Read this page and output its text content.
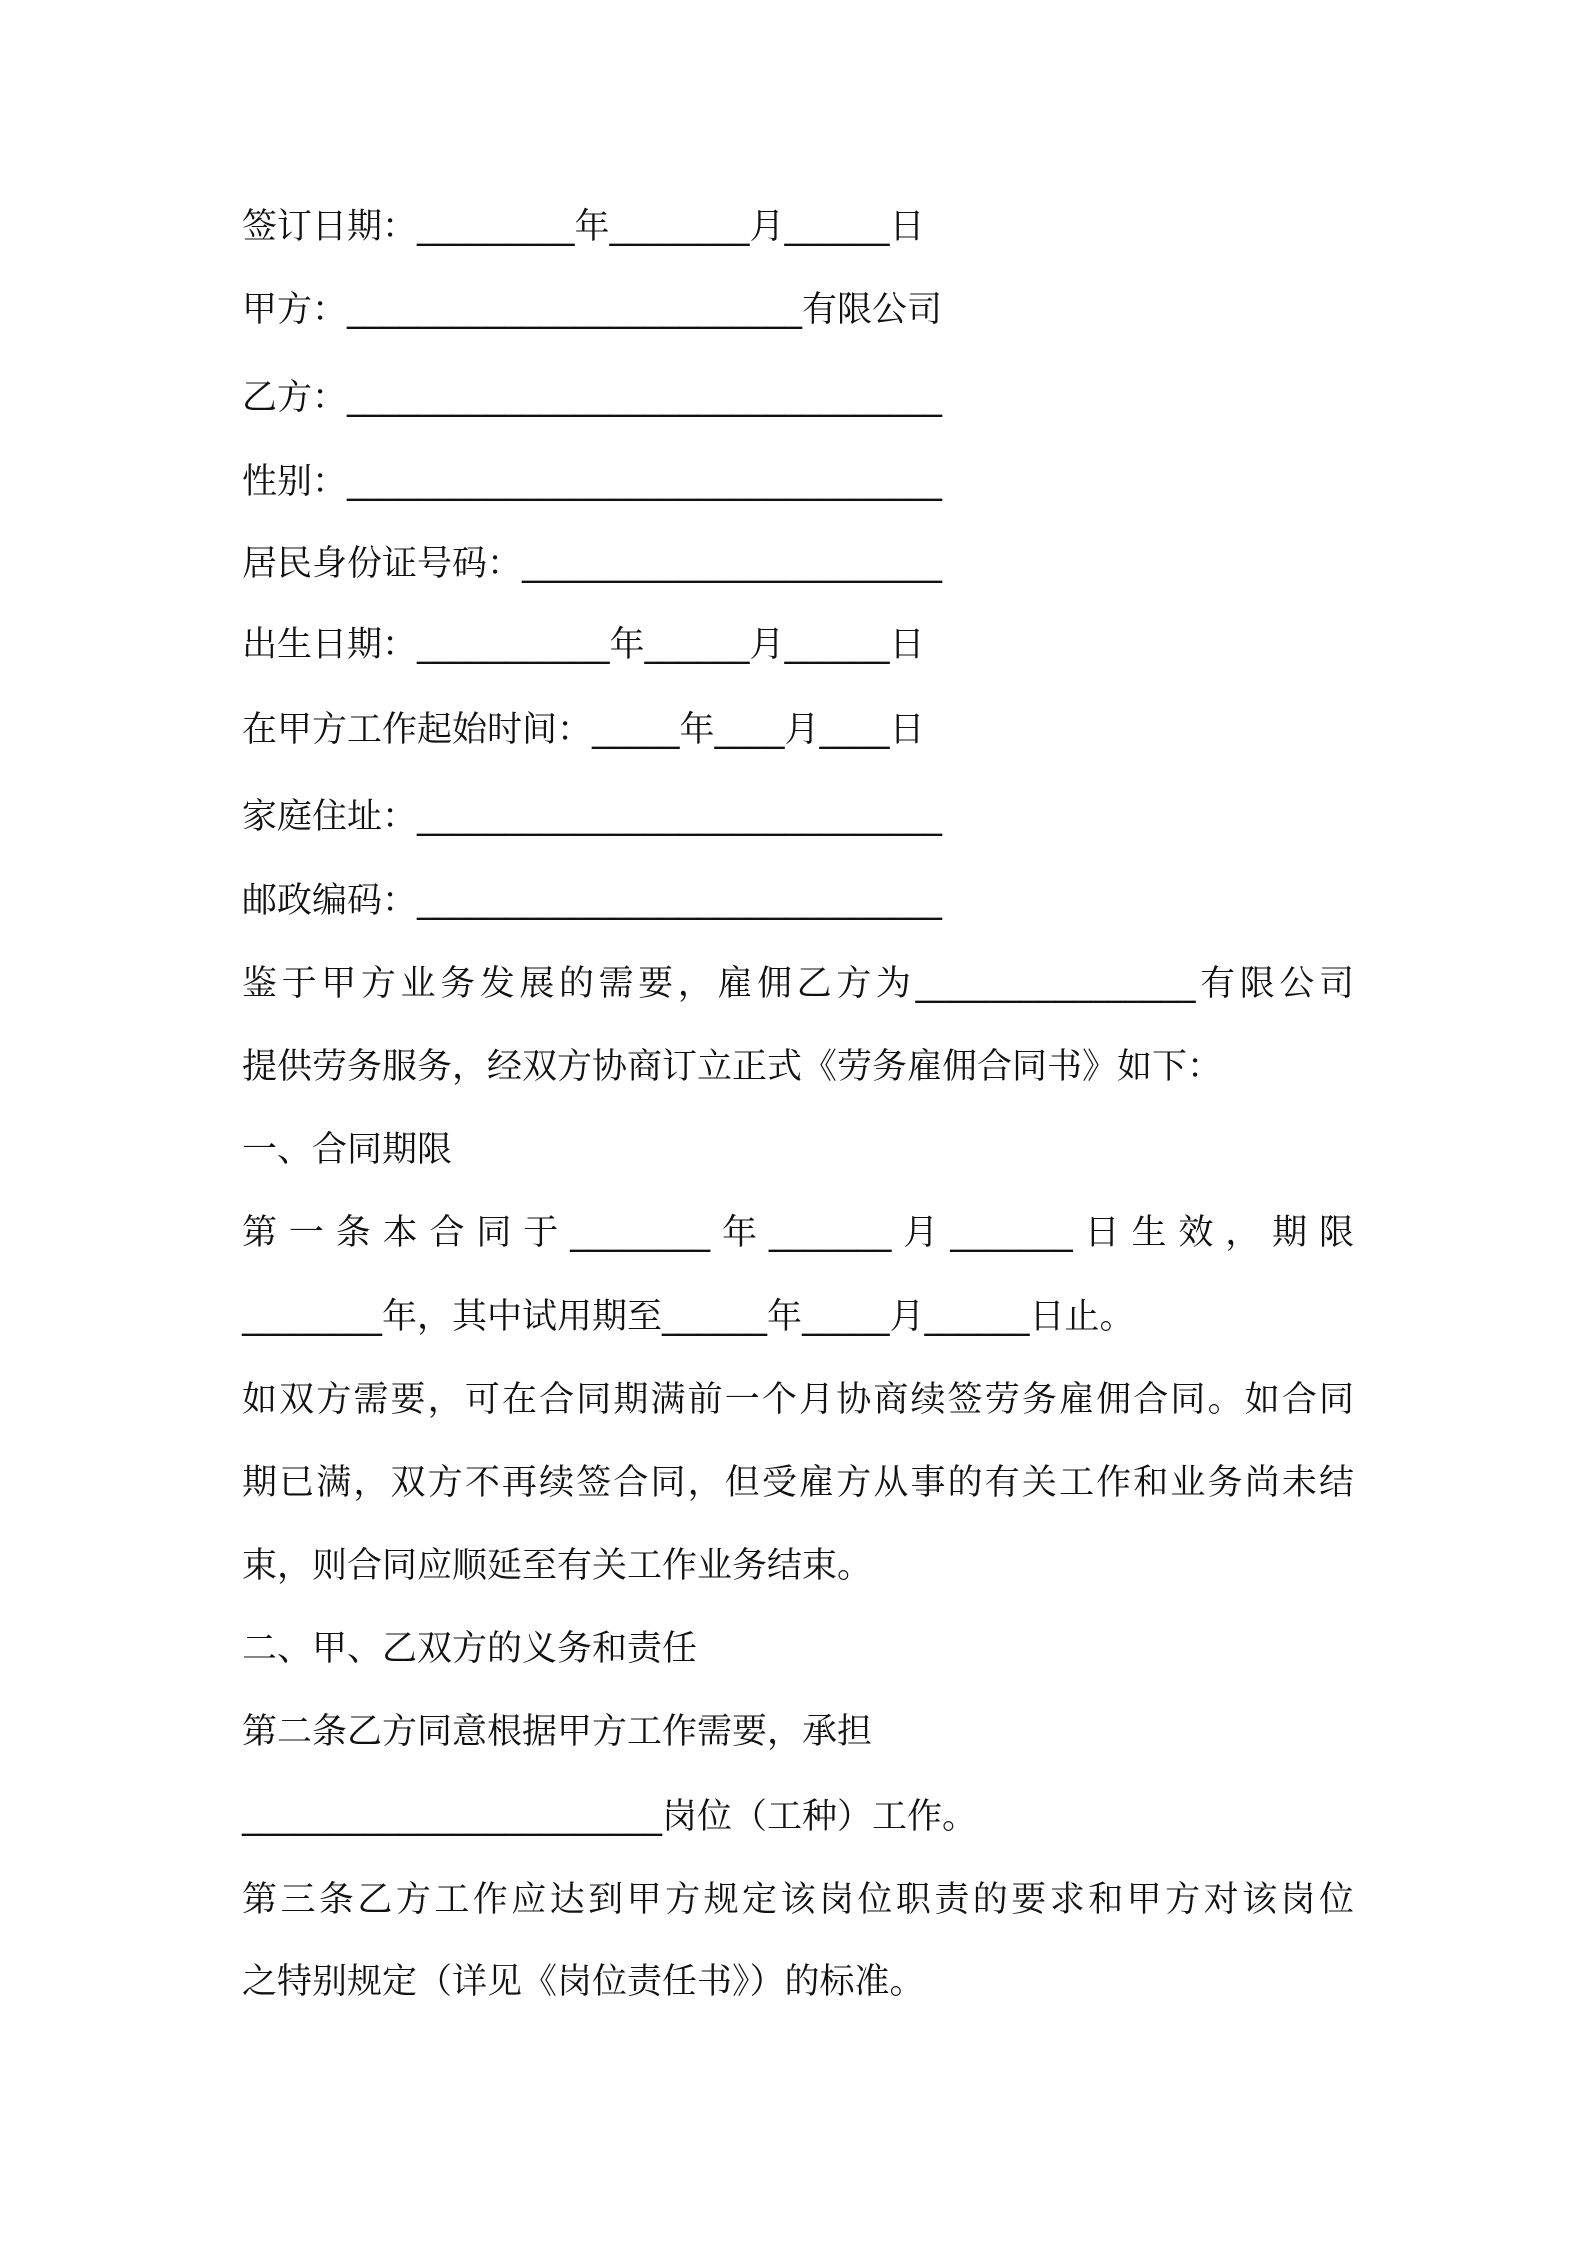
签订日期：_________年________月______日
甲方：__________________________有限公司
乙方：__________________________________
性别：__________________________________
居民身份证号码：________________________
出生日期：___________年______月______日
在甲方工作起始时间：_____年____月____日
家庭住址：______________________________
邮政编码：______________________________
鉴于甲方业务发展的需要，雇佣乙方为________________有限公司
提供劳务服务，经双方协商订立正式《劳务雇佣合同书》如下：
一、合同期限
第一条本合同于________年_______月_______日生效，期限
________年，其中试用期至______年_____月______日止。
如双方需要，可在合同期满前一个月协商续签劳务雇佣合同。如合同
期已满，双方不再续签合同，但受雇方从事的有关工作和业务尚未结
束，则合同应顺延至有关工作业务结束。
二、甲、乙双方的义务和责任
第二条乙方同意根据甲方工作需要，承担
________________________岗位（工种）工作。
第三条乙方工作应达到甲方规定该岗位职责的要求和甲方对该岗位
之特别规定（详见《岗位责任书》）的标准。
